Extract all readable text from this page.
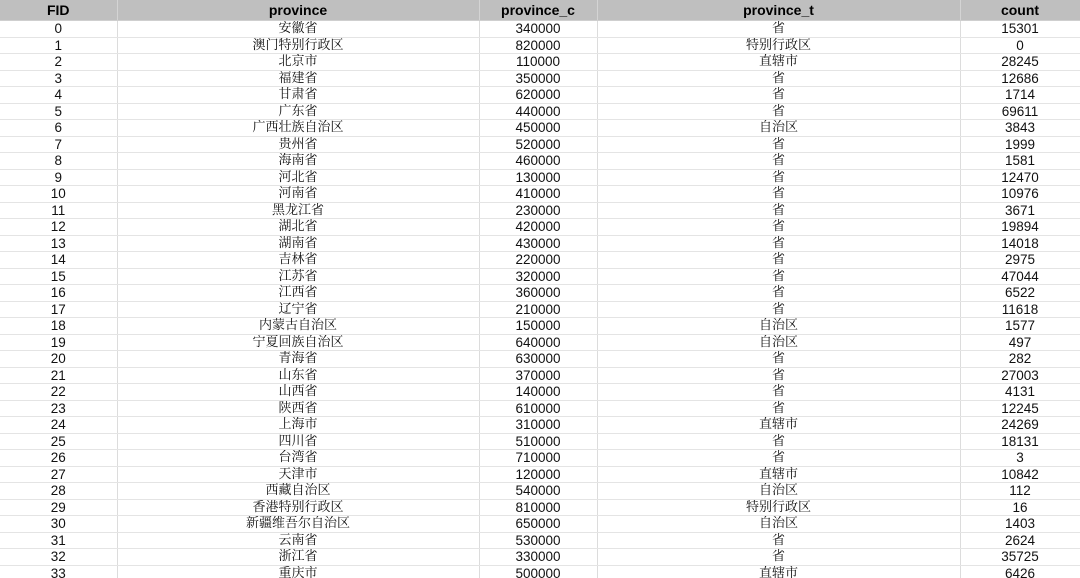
FID	province	province_c	province_t	count
0	安徽省	340000	省	15301
1	澳门特别行政区	820000	特别行政区	0
2	北京市	110000	直辖市	28245
3	福建省	350000	省	12686
4	甘肃省	620000	省	1714
5	广东省	440000	省	69611
6	广西壮族自治区	450000	自治区	3843
7	贵州省	520000	省	1999
8	海南省	460000	省	1581
9	河北省	130000	省	12470
10	河南省	410000	省	10976
11	黑龙江省	230000	省	3671
12	湖北省	420000	省	19894
13	湖南省	430000	省	14018
14	吉林省	220000	省	2975
15	江苏省	320000	省	47044
16	江西省	360000	省	6522
17	辽宁省	210000	省	11618
18	内蒙古自治区	150000	自治区	1577
19	宁夏回族自治区	640000	自治区	497
20	青海省	630000	省	282
21	山东省	370000	省	27003
22	山西省	140000	省	4131
23	陕西省	610000	省	12245
24	上海市	310000	直辖市	24269
25	四川省	510000	省	18131
26	台湾省	710000	省	3
27	天津市	120000	直辖市	10842
28	西藏自治区	540000	自治区	112
29	香港特别行政区	810000	特别行政区	16
30	新疆维吾尔自治区	650000	自治区	1403
31	云南省	530000	省	2624
32	浙江省	330000	省	35725
33	重庆市	500000	直辖市	6426
